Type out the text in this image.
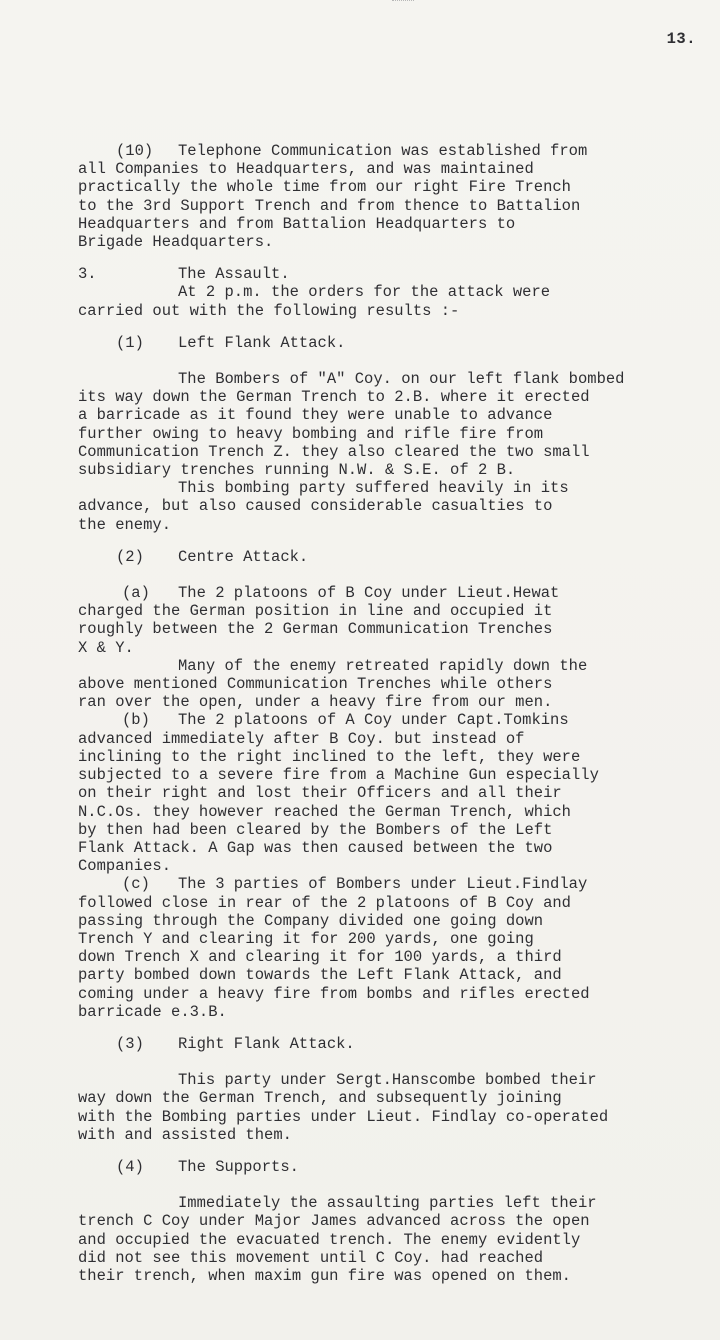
13.
(10)	Telephone Communication was established from

all Companies to Headquarters, and was maintained

practically the whole time from our right Fire Trench

to the 3rd Support Trench and from thence to Battalion

Headquarters and from Battalion Headquarters to

Brigade Headquarters.

3.	The Assault.

At 2 p.m. the orders for the attack were

carried out with the following results :-

(1)	Left Flank Attack.

The Bombers of "A" Coy. on our left flank bombed

its way down the German Trench to 2.B. where it erected

a barricade as it found they were unable to advance

further owing to heavy bombing and rifle fire from

Communication Trench Z. they also cleared the two small

subsidiary trenches running N.W. & S.E. of 2 B.

This bombing party suffered heavily in its

advance, but also caused considerable casualties to

the enemy.

(2)	Centre Attack.
(a)	The 2 platoons of B Coy under Lieut.Hewat

charged the German position in line and occupied it

roughly between the 2 German Communication Trenches

X & Y.

Many of the enemy retreated rapidly down the

above mentioned Communication Trenches while others

ran over the open, under a heavy fire from our men.

(b)	The 2 platoons of A Coy under Capt.Tomkins

advanced immediately after B Coy. but instead of

inclining to the right inclined to the left, they were

subjected to a severe fire from a Machine Gun especially

on their right and lost their Officers and all their

N.C.Os. they however reached the German Trench, which

by then had been cleared by the Bombers of the Left

Flank Attack. A Gap was then caused between the two

Companies.

(c)	The 3 parties of Bombers under Lieut.Findlay

followed close in rear of the 2 platoons of B Coy and

passing through the Company divided one going down

Trench Y and clearing it for 200 yards, one going

down Trench X and clearing it for 100 yards, a third

party bombed down towards the Left Flank Attack, and

coming under a heavy fire from bombs and rifles erected

barricade e.3.B.

(3)	Right Flank Attack.

This party under Sergt.Hanscombe bombed their

way down the German Trench, and subsequently joining

with the Bombing parties under Lieut. Findlay co-operated

with and assisted them.

(4)	The Supports.

Immediately the assaulting parties left their

trench C Coy under Major James advanced across the open

and occupied the evacuated trench. The enemy evidently

did not see this movement until C Coy. had reached

their trench, when maxim gun fire was opened on them.
